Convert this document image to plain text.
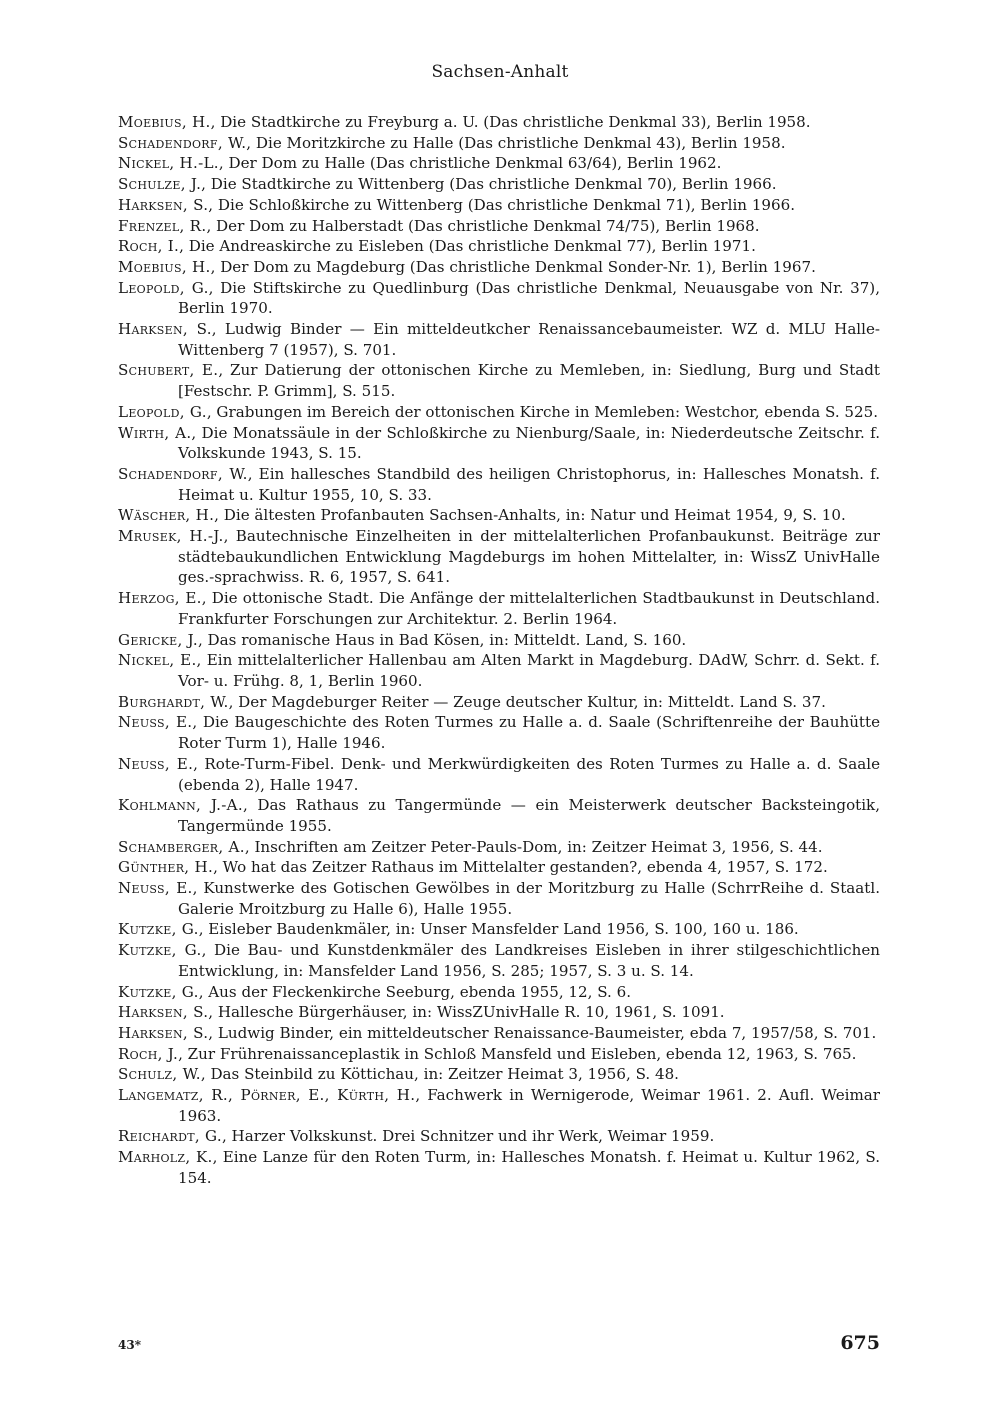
Sachsen-Anhalt
Moebius, H., Die Stadtkirche zu Freyburg a. U. (Das christliche Denkmal 33), Berlin 1958.
Schadendorf, W., Die Moritzkirche zu Halle (Das christliche Denkmal 43), Berlin 1958.
Nickel, H.-L., Der Dom zu Halle (Das christliche Denkmal 63/64), Berlin 1962.
Schulze, J., Die Stadtkirche zu Wittenberg (Das christliche Denkmal 70), Berlin 1966.
Harksen, S., Die Schloßkirche zu Wittenberg (Das christliche Denkmal 71), Berlin 1966.
Frenzel, R., Der Dom zu Halberstadt (Das christliche Denkmal 74/75), Berlin 1968.
Roch, I., Die Andreaskirche zu Eisleben (Das christliche Denkmal 77), Berlin 1971.
Moebius, H., Der Dom zu Magdeburg (Das christliche Denkmal Sonder-Nr. 1), Berlin 1967.
Leopold, G., Die Stiftskirche zu Quedlinburg (Das christliche Denkmal, Neuausgabe von Nr. 37), Berlin 1970.
Harksen, S., Ludwig Binder — Ein mitteldeutkcher Renaissancebaumeister. WZ d. MLU Halle-Wittenberg 7 (1957), S. 701.
Schubert, E., Zur Datierung der ottonischen Kirche zu Memleben, in: Siedlung, Burg und Stadt [Festschr. P. Grimm], S. 515.
Leopold, G., Grabungen im Bereich der ottonischen Kirche in Memleben: Westchor, ebenda S. 525.
Wirth, A., Die Monatssäule in der Schloßkirche zu Nienburg/Saale, in: Niederdeutsche Zeitschr. f. Volkskunde 1943, S. 15.
Schadendorf, W., Ein hallesches Standbild des heiligen Christophorus, in: Hallesches Monatsh. f. Heimat u. Kultur 1955, 10, S. 33.
Wäscher, H., Die ältesten Profanbauten Sachsen-Anhalts, in: Natur und Heimat 1954, 9, S. 10.
Mrusek, H.-J., Bautechnische Einzelheiten in der mittelalterlichen Profanbaukunst. Beiträge zur städtebaukundlichen Entwicklung Magdeburgs im hohen Mittelalter, in: WissZ UnivHalle ges.-sprachwiss. R. 6, 1957, S. 641.
Herzog, E., Die ottonische Stadt. Die Anfänge der mittelalterlichen Stadtbaukunst in Deutschland. Frankfurter Forschungen zur Architektur. 2. Berlin 1964.
Gericke, J., Das romanische Haus in Bad Kösen, in: Mitteldt. Land, S. 160.
Nickel, E., Ein mittelalterlicher Hallenbau am Alten Markt in Magdeburg. DAdW, Schrr. d. Sekt. f. Vor- u. Frühg. 8, 1, Berlin 1960.
Burghardt, W., Der Magdeburger Reiter — Zeuge deutscher Kultur, in: Mitteldt. Land S. 37.
Neuss, E., Die Baugeschichte des Roten Turmes zu Halle a. d. Saale (Schriftenreihe der Bauhütte Roter Turm 1), Halle 1946.
Neuss, E., Rote-Turm-Fibel. Denk- und Merkwürdigkeiten des Roten Turmes zu Halle a. d. Saale (ebenda 2), Halle 1947.
Kohlmann, J.-A., Das Rathaus zu Tangermünde — ein Meisterwerk deutscher Backsteingotik, Tangermünde 1955.
Schamberger, A., Inschriften am Zeitzer Peter-Pauls-Dom, in: Zeitzer Heimat 3, 1956, S. 44.
Günther, H., Wo hat das Zeitzer Rathaus im Mittelalter gestanden?, ebenda 4, 1957, S. 172.
Neuss, E., Kunstwerke des Gotischen Gewölbes in der Moritzburg zu Halle (SchrrReihe d. Staatl. Galerie Mroitzburg zu Halle 6), Halle 1955.
Kutzke, G., Eisleber Baudenkmäler, in: Unser Mansfelder Land 1956, S. 100, 160 u. 186.
Kutzke, G., Die Bau- und Kunstdenkmäler des Landkreises Eisleben in ihrer stilgeschichtlichen Entwicklung, in: Mansfelder Land 1956, S. 285; 1957, S. 3 u. S. 14.
Kutzke, G., Aus der Fleckenkirche Seeburg, ebenda 1955, 12, S. 6.
Harksen, S., Hallesche Bürgerhäuser, in: WissZUnivHalle R. 10, 1961, S. 1091.
Harksen, S., Ludwig Binder, ein mitteldeutscher Renaissance-Baumeister, ebda 7, 1957/58, S. 701.
Roch, J., Zur Frührenaissanceplastik in Schloß Mansfeld und Eisleben, ebenda 12, 1963, S. 765.
Schulz, W., Das Steinbild zu Köttichau, in: Zeitzer Heimat 3, 1956, S. 48.
Langematz, R., Pörner, E., Kürth, H., Fachwerk in Wernigerode, Weimar 1961. 2. Aufl. Weimar 1963.
Reichardt, G., Harzer Volkskunst. Drei Schnitzer und ihr Werk, Weimar 1959.
Marholz, K., Eine Lanze für den Roten Turm, in: Hallesches Monatsh. f. Heimat u. Kultur 1962, S. 154.
43*	675
